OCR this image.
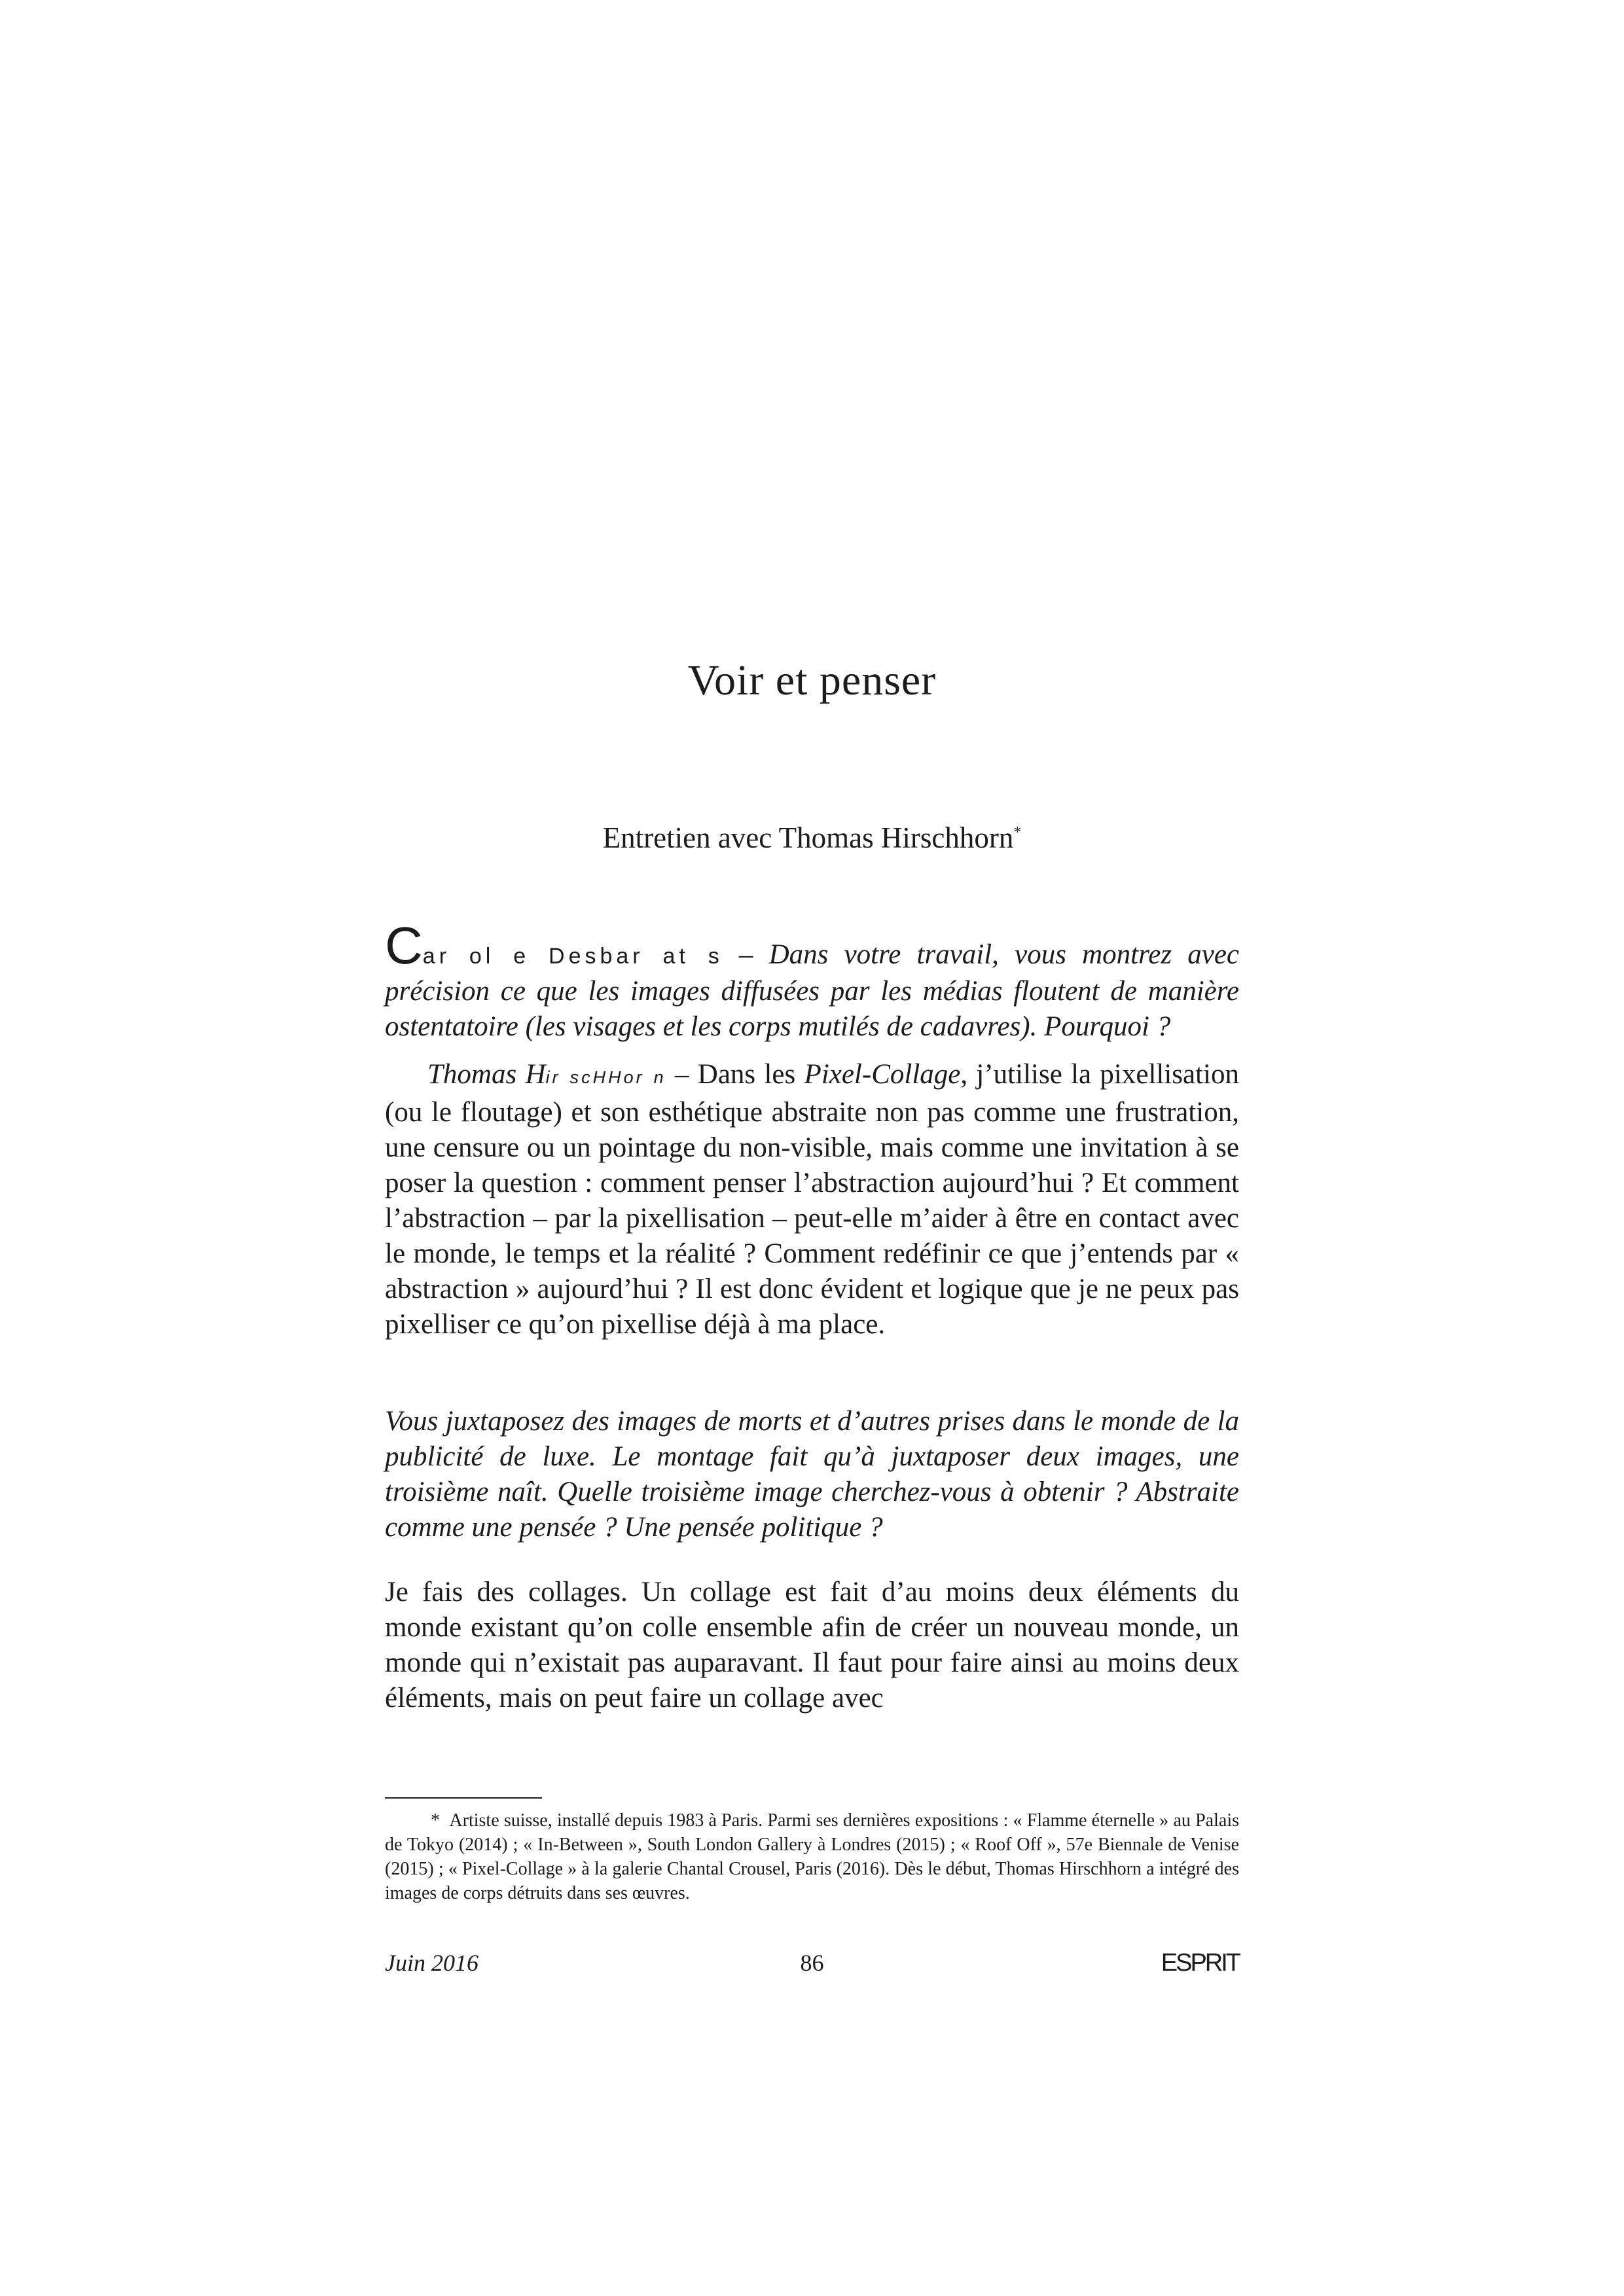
Voir et penser

Entretien avec Thomas Hirschhorn*

Car ol e Desbar at s – Dans votre travail, vous montrez avec précision ce que les images diffusées par les médias floutent de manière ostentatoire (les visages et les corps mutilés de cadavres). Pourquoi ?

Thomas Hir scHHor n – Dans les Pixel-Collage, j’utilise la pixellisation (ou le floutage) et son esthétique abstraite non pas comme une frustration, une censure ou un pointage du non-visible, mais comme une invitation à se poser la question : comment penser l’abstraction aujourd’hui ? Et comment l’abstraction – par la pixellisation – peut-elle m’aider à être en contact avec le monde, le temps et la réalité ? Comment redéfinir ce que j’entends par « abstraction » aujourd’hui ? Il est donc évident et logique que je ne peux pas pixelliser ce qu’on pixellise déjà à ma place.

Vous juxtaposez des images de morts et d’autres prises dans le monde de la publicité de luxe. Le montage fait qu’à juxtaposer deux images, une troisième naît. Quelle troisième image cherchez-vous à obtenir ? Abstraite comme une pensée ? Une pensée politique ?

Je fais des collages. Un collage est fait d’au moins deux éléments du monde existant qu’on colle ensemble afin de créer un nouveau monde, un monde qui n’existait pas auparavant. Il faut pour faire ainsi au moins deux éléments, mais on peut faire un collage avec

* Artiste suisse, installé depuis 1983 à Paris. Parmi ses dernières expositions : « Flamme éternelle » au Palais de Tokyo (2014) ; « In-Between », South London Gallery à Londres (2015) ; « Roof Off », 57e Biennale de Venise (2015) ; « Pixel-Collage » à la galerie Chantal Crousel, Paris (2016). Dès le début, Thomas Hirschhorn a intégré des images de corps détruits dans ses œuvres.

Juin 2016	86	ESPRIT
